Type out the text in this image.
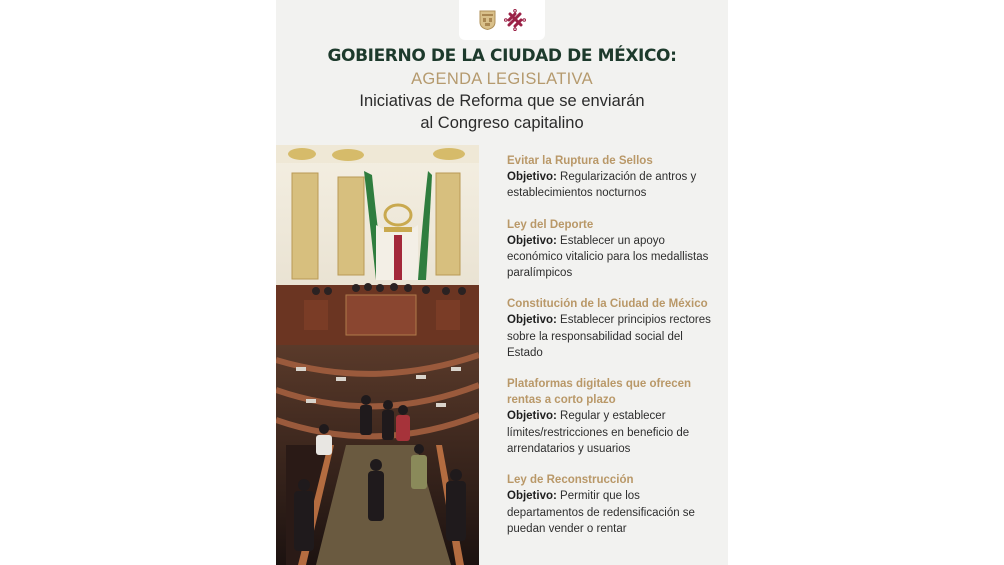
GOBIERNO DE LA CIUDAD DE MÉXICO:
AGENDA LEGISLATIVA
Iniciativas de Reforma que se enviarán
al Congreso capitalino
Evitar la Ruptura de Sellos
Objetivo: Regularización de antros y establecimientos nocturnos
Ley del Deporte
Objetivo: Establecer un apoyo económico vitalicio para los medallistas paralímpicos
Constitución de la Ciudad de México
Objetivo: Establecer principios rectores sobre la responsabilidad social del Estado
Plataformas digitales que ofrecen rentas a corto plazo
Objetivo: Regular y establecer límites/restricciones en beneficio de arrendatarios y usuarios
Ley de Reconstrucción
Objetivo: Permitir que los departamentos de redensificación se puedan vender o rentar
